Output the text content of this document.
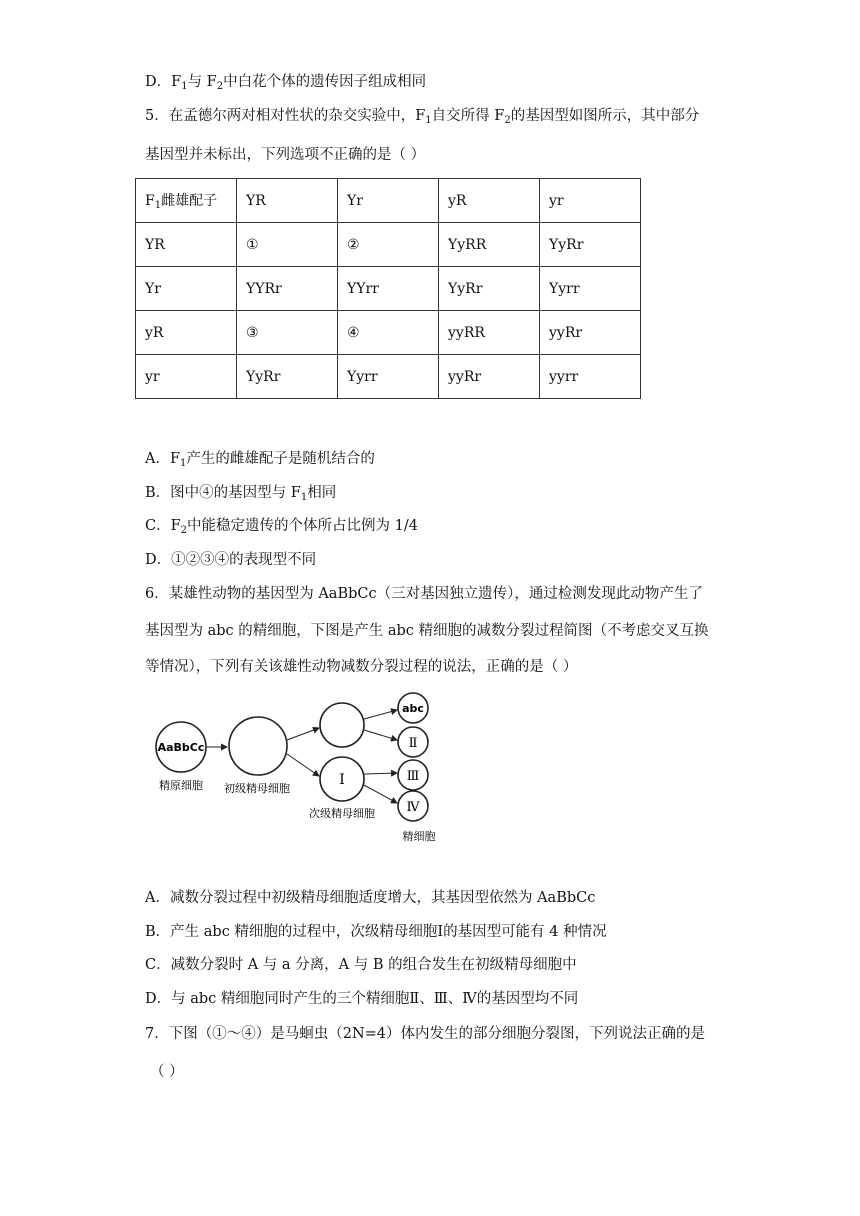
D．$F_1$与 $F_2$中白花个体的遗传因子组成相同
5．在孟德尔两对相对性状的杂交实验中，$F_1$自交所得 $F_2$的基因型如图所示，其中部分
基因型并未标出，下列选项不正确的是（ ）
$F_1$雌雄配子	YR	Yr	yR	yr
YR	①	②	YyRR	YyRr
Yr	YYRr	YYrr	YyRr	Yyrr
yR	③	④	yyRR	yyRr
yr	YyRr	Yyrr	yyRr	yyrr
A．$F_1$产生的雌雄配子是随机结合的
B．图中④的基因型与 $F_1$相同
C．$F_2$中能稳定遗传的个体所占比例为 1/4
D．①②③④的表现型不同
6．某雄性动物的基因型为 AaBbCc（三对基因独立遗传），通过检测发现此动物产生了
基因型为 abc 的精细胞，下图是产生 abc 精细胞的减数分裂过程简图（不考虑交叉互换
等情况），下列有关该雄性动物减数分裂过程的说法，正确的是（ ）
AaBbCc
精原细胞 初级精母细胞
I
次级精母细胞
abc
Ⅱ
Ⅲ
Ⅳ
精细胞
A．减数分裂过程中初级精母细胞适度增大，其基因型依然为 AaBbCc
B．产生 abc 精细胞的过程中，次级精母细胞Ⅰ的基因型可能有 4 种情况
C．减数分裂时 A 与 a 分离，A 与 B 的组合发生在初级精母细胞中
D．与 abc 精细胞同时产生的三个精细胞Ⅱ、Ⅲ、Ⅳ的基因型均不同
7．下图（①～④）是马蛔虫（2N=4）体内发生的部分细胞分裂图，下列说法正确的是
（ ）
